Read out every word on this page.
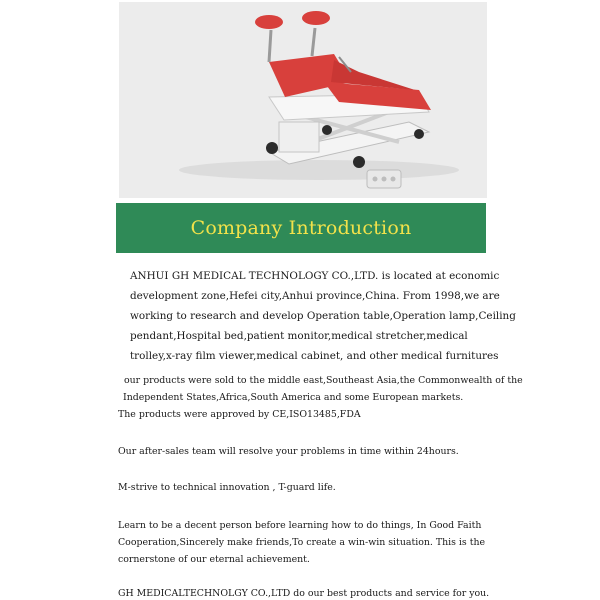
Company Introduction

ANHUI GH MEDICAL TECHNOLOGY CO.,LTD. is located at economic

development zone,Hefei city,Anhui province,China. From 1998,we are

working to research and develop Operation table,Operation lamp,Ceiling

pendant,Hospital bed,patient monitor,medical stretcher,medical

trolley,x-ray film viewer,medical cabinet, and other medical furnitures

our products were sold to the middle east,Southeast Asia,the Commonwealth of the

Independent States,Africa,South America and some European markets.

The products were approved by CE,ISO13485,FDA

Our after-sales team will resolve your problems in time within 24hours.
M-strive to technical innovation , T-guard life.
Learn to be a decent person before learning how to do things, In Good Faith
Cooperation,Sincerely make friends,To create a win-win situation. This is the
cornerstone of our eternal achievement.
GH MEDICALTECHNOLGY CO.,LTD do our best products and service for you.
